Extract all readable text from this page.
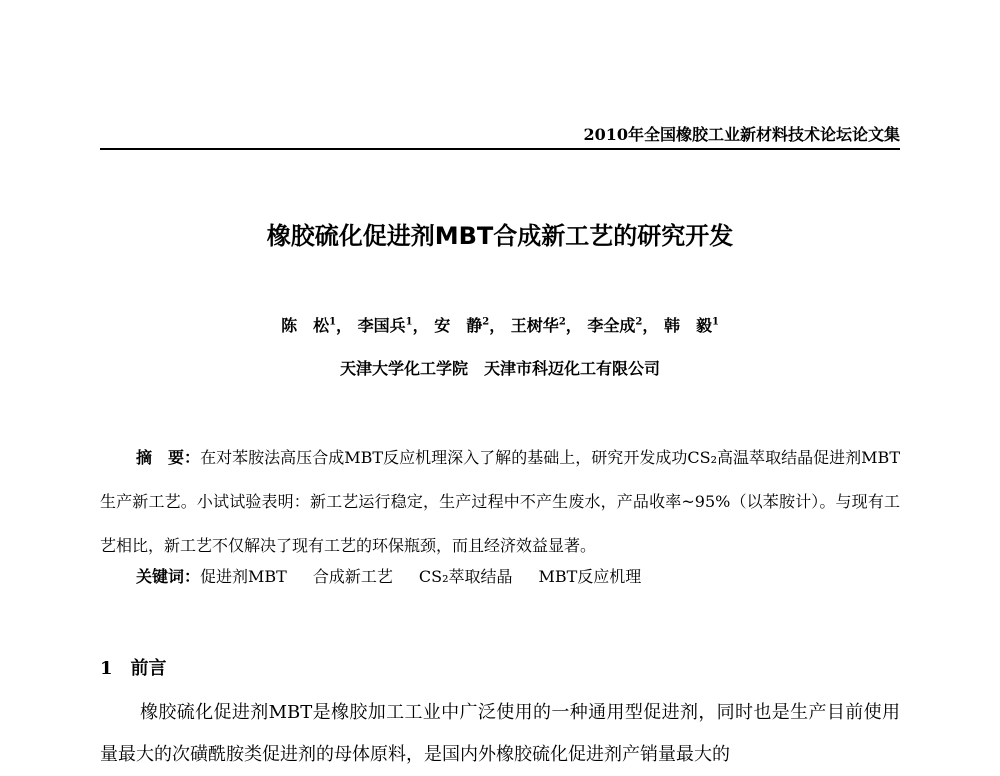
2010年全国橡胶工业新材料技术论坛论文集
橡胶硫化促进剂MBT合成新工艺的研究开发
陈　松$^1$， 李国兵$^1$， 安　静$^2$， 王树华$^2$， 李全成$^2$， 韩　毅$^1$
天津大学化工学院　天津市科迈化工有限公司
摘　要：在对苯胺法高压合成MBT反应机理深入了解的基础上，研究开发成功CS₂高温萃取结晶促进剂MBT生产新工艺。小试试验表明：新工艺运行稳定，生产过程中不产生废水，产品收率~95%（以苯胺计）。与现有工艺相比，新工艺不仅解决了现有工艺的环保瓶颈，而且经济效益显著。
关键词：促进剂MBT 合成新工艺 CS₂萃取结晶 MBT反应机理
1 前言
橡胶硫化促进剂MBT是橡胶加工工业中广泛使用的一种通用型促进剂，同时也是生产目前使用量最大的次磺酰胺类促进剂的母体原料，是国内外橡胶硫化促进剂产销量最大的
